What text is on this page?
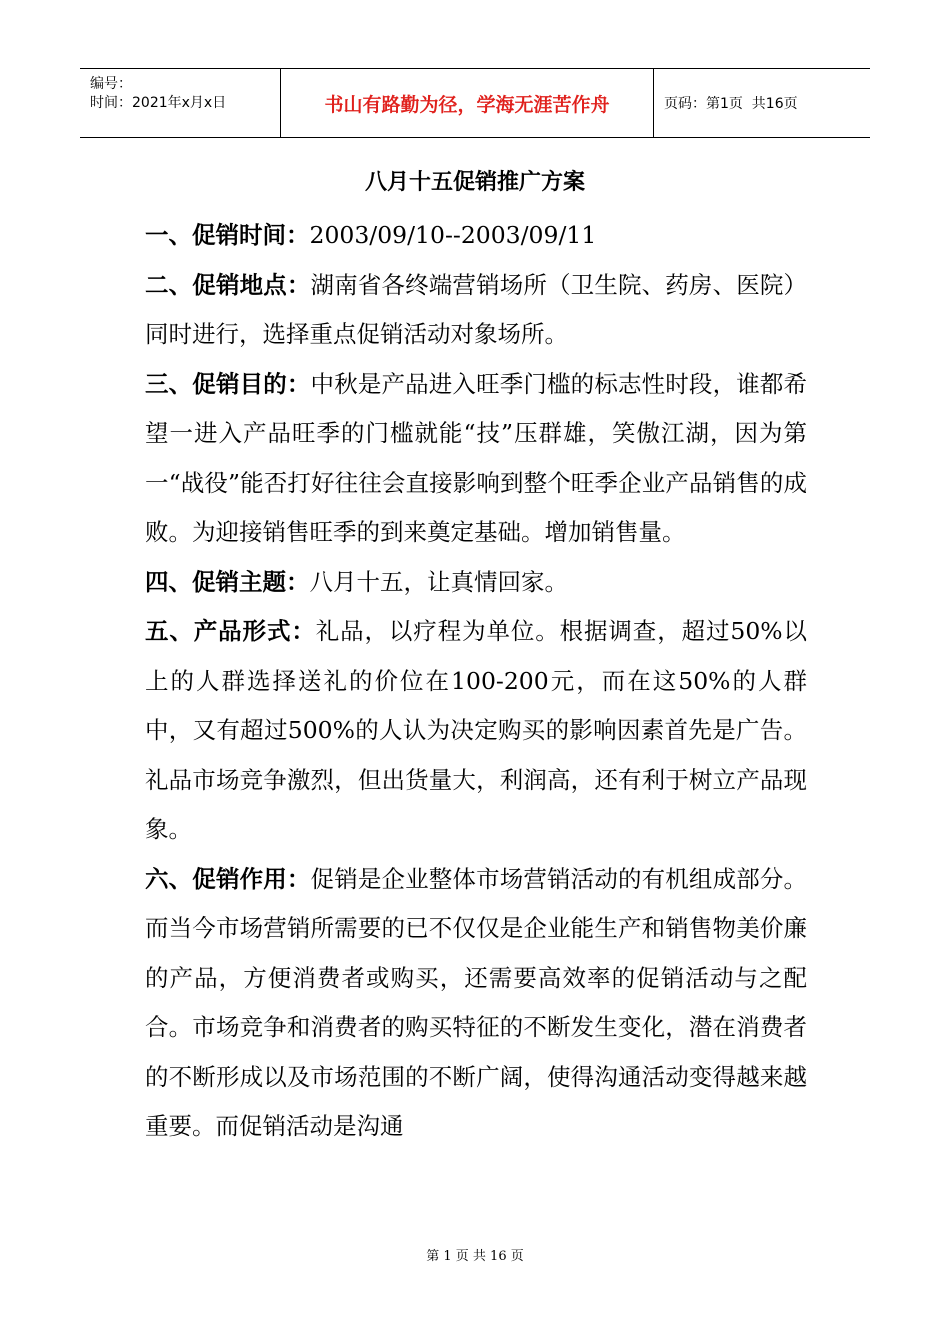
编号：
时间：2021年x月x日	书山有路勤为径，学海无涯苦作舟	页码：第1页  共16页
八月十五促销推广方案

一、促销时间：2003/09/10--2003/09/11

二、促销地点：湖南省各终端营销场所（卫生院、药房、医院）同时进行，选择重点促销活动对象场所。

三、促销目的：中秋是产品进入旺季门槛的标志性时段，谁都希望一进入产品旺季的门槛就能“技”压群雄，笑傲江湖，因为第一“战役”能否打好往往会直接影响到整个旺季企业产品销售的成败。为迎接销售旺季的到来奠定基础。增加销售量。

四、促销主题：八月十五，让真情回家。

五、产品形式：礼品，以疗程为单位。根据调查，超过50%以上的人群选择送礼的价位在100-200元，而在这50%的人群中，又有超过500%的人认为决定购买的影响因素首先是广告。礼品市场竞争激烈，但出货量大，利润高，还有利于树立产品现象。

六、促销作用：促销是企业整体市场营销活动的有机组成部分。而当今市场营销所需要的已不仅仅是企业能生产和销售物美价廉的产品，方便消费者或购买，还需要高效率的促销活动与之配合。市场竞争和消费者的购买特征的不断发生变化，潜在消费者的不断形成以及市场范围的不断广阔，使得沟通活动变得越来越重要。而促销活动是沟通

第 1 页 共 16 页
